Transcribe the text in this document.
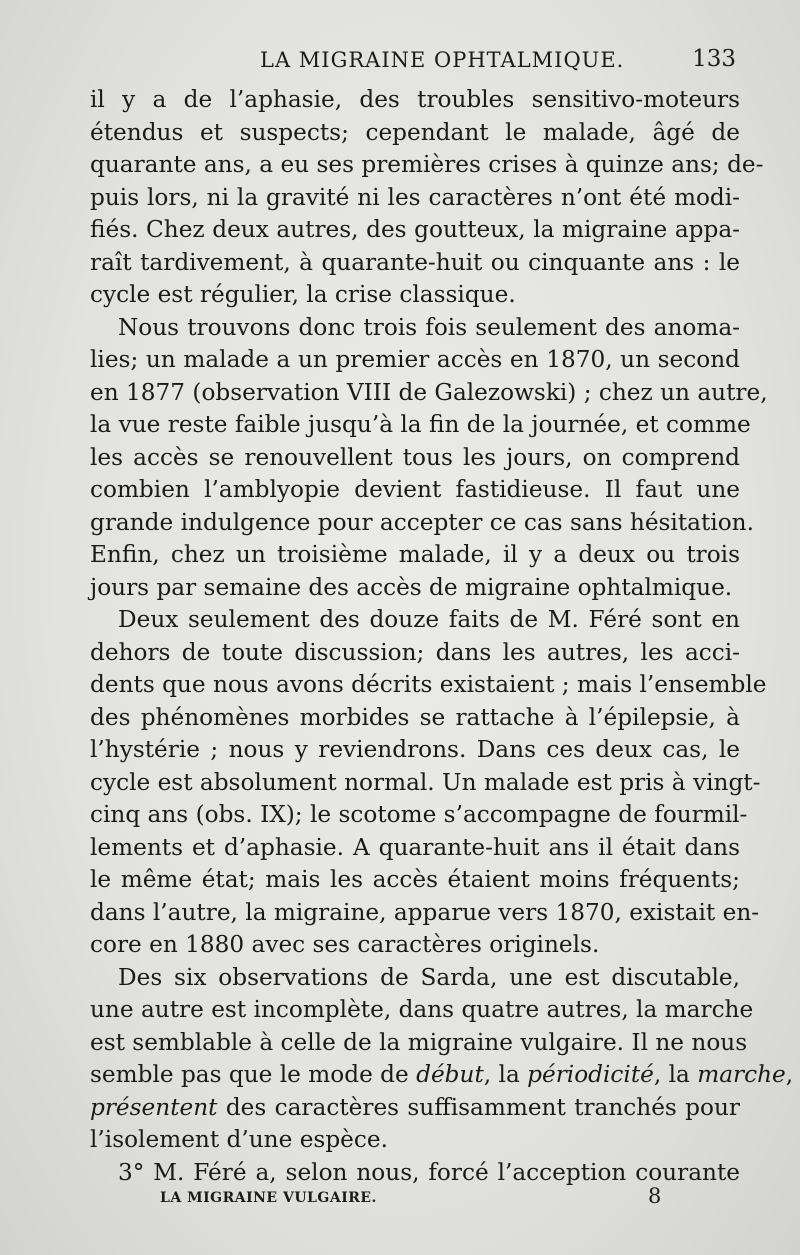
LA MIGRAINE OPHTALMIQUE.	133
il y a de l’aphasie, des troubles sensitivo-moteurs
étendus et suspects; cependant le malade, âgé de
quarante ans, a eu ses premières crises à quinze ans; de-
puis lors, ni la gravité ni les caractères n’ont été modi-
fiés. Chez deux autres, des goutteux, la migraine appa-
raît tardivement, à quarante-huit ou cinquante ans : le
cycle est régulier, la crise classique.
Nous trouvons donc trois fois seulement des anoma-
lies; un malade a un premier accès en 1870, un second
en 1877 (observation VIII de Galezowski) ; chez un autre,
la vue reste faible jusqu’à la fin de la journée, et comme
les accès se renouvellent tous les jours, on comprend
combien l’amblyopie devient fastidieuse. Il faut une
grande indulgence pour accepter ce cas sans hésitation.
Enfin, chez un troisième malade, il y a deux ou trois
jours par semaine des accès de migraine ophtalmique.
Deux seulement des douze faits de M. Féré sont en
dehors de toute discussion; dans les autres, les acci-
dents que nous avons décrits existaient ; mais l’ensemble
des phénomènes morbides se rattache à l’épilepsie, à
l’hystérie ; nous y reviendrons. Dans ces deux cas, le
cycle est absolument normal. Un malade est pris à vingt-
cinq ans (obs. IX); le scotome s’accompagne de fourmil-
lements et d’aphasie. A quarante-huit ans il était dans
le même état; mais les accès étaient moins fréquents;
dans l’autre, la migraine, apparue vers 1870, existait en-
core en 1880 avec ses caractères originels.
Des six observations de Sarda, une est discutable,
une autre est incomplète, dans quatre autres, la marche
est semblable à celle de la migraine vulgaire. Il ne nous
semble pas que le mode de début, la périodicité, la marche,
présentent des caractères suffisamment tranchés pour
l’isolement d’une espèce.
3° M. Féré a, selon nous, forcé l’acception courante
LA MIGRAINE VULGAIRE.	8
